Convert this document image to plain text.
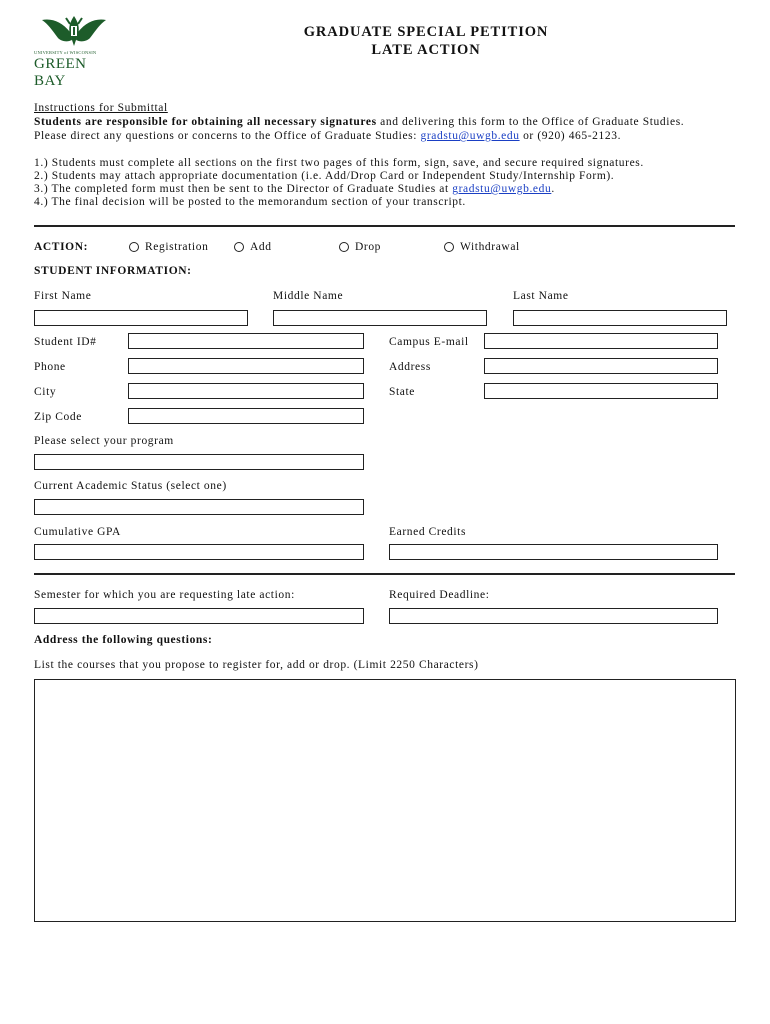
UNIVERSITY of WISCONSIN
GREEN BAY
GRADUATE SPECIAL PETITION
LATE ACTION
Instructions for Submittal
Students are responsible for obtaining all necessary signatures and delivering this form to the Office of Graduate Studies.
Please direct any questions or concerns to the Office of Graduate Studies: gradstu@uwgb.edu or (920) 465-2123.
1.) Students must complete all sections on the first two pages of this form, sign, save, and secure required signatures.
2.) Students may attach appropriate documentation (i.e. Add/Drop Card or Independent Study/Internship Form).
3.) The completed form must then be sent to the Director of Graduate Studies at gradstu@uwgb.edu.
4.) The final decision will be posted to the memorandum section of your transcript.
ACTION:	Registration	Add	Drop	Withdrawal
STUDENT INFORMATION:
First Name	Middle Name	Last Name
Student ID#	Campus E-mail
Phone	Address
City	State
Zip Code
Please select your program
Current Academic Status (select one)
Cumulative GPA	Earned Credits
Semester for which you are requesting late action:	Required Deadline:
Address the following questions:
List the courses that you propose to register for, add or drop. (Limit 2250 Characters)
